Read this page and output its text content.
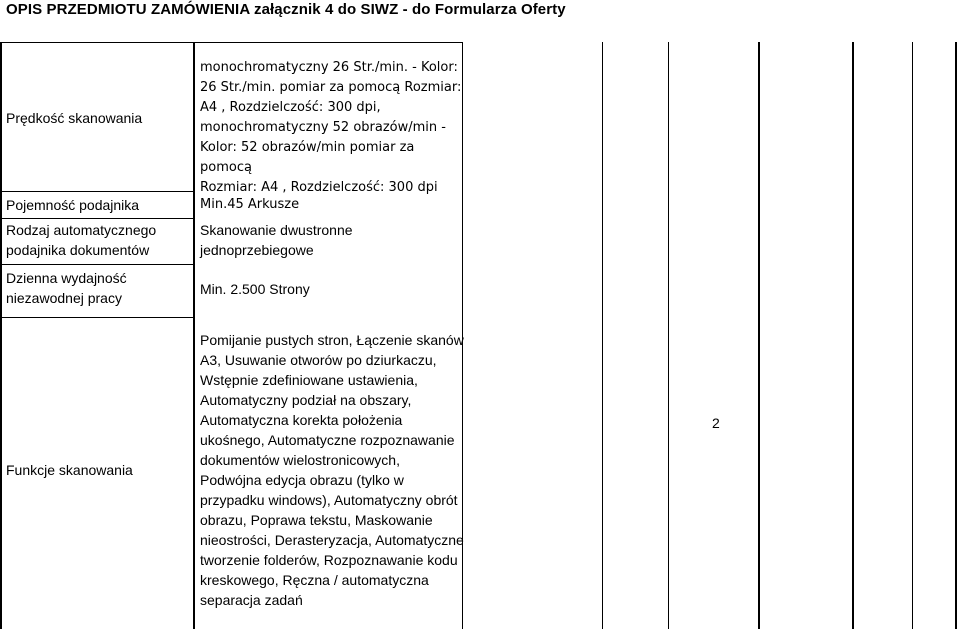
OPIS PRZEDMIOTU ZAMÓWIENIA załącznik 4 do SIWZ - do Formularza Oferty
Prędkość skanowania
monochromatyczny 26 Str./min. - Kolor:
26 Str./min. pomiar za pomocą Rozmiar:
A4 , Rozdzielczość: 300 dpi,
monochromatyczny 52 obrazów/min -
Kolor: 52 obrazów/min pomiar za pomocą
Rozmiar: A4 , Rozdzielczość: 300 dpi
Pojemność podajnika	Min.45 Arkusze
Rodzaj automatycznego
podajnika dokumentów
Skanowanie dwustronne
jednoprzebiegowe
Dzienna wydajność
niezawodnej pracy
Min. 2.500 Strony
Funkcje skanowania
Pomijanie pustych stron, Łączenie skanów
A3, Usuwanie otworów po dziurkaczu,
Wstępnie zdefiniowane ustawienia,
Automatyczny podział na obszary,
Automatyczna korekta położenia
ukośnego, Automatyczne rozpoznawanie
dokumentów wielostronicowych,
Podwójna edycja obrazu (tylko w
przypadku windows), Automatyczny obrót
obrazu, Poprawa tekstu, Maskowanie
nieostrości, Derasteryzacja, Automatyczne
tworzenie folderów, Rozpoznawanie kodu
kreskowego, Ręczna / automatyczna
separacja zadań
2
